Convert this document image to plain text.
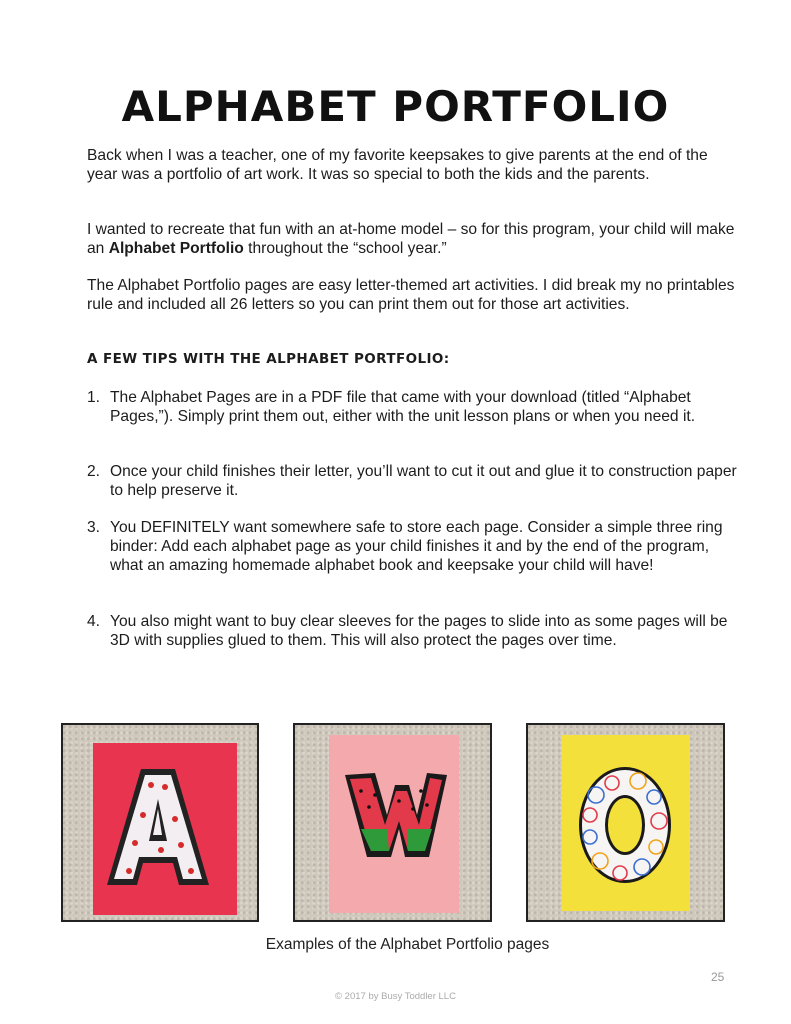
ALPHABET PORTFOLIO

Back when I was a teacher, one of my favorite keepsakes to give parents at the end of the year was a portfolio of art work. It was so special to both the kids and the parents.

I wanted to recreate that fun with an at-home model – so for this program, your child will make an Alphabet Portfolio throughout the “school year.”

The Alphabet Portfolio pages are easy letter-themed art activities. I did break my no printables rule and included all 26 letters so you can print them out for those art activities.

A FEW TIPS WITH THE ALPHABET PORTFOLIO:
1. The Alphabet Pages are in a PDF file that came with your download (titled “Alphabet Pages,”). Simply print them out, either with the unit lesson plans or when you need it.
2. Once your child finishes their letter, you’ll want to cut it out and glue it to construction paper to help preserve it.
3. You DEFINITELY want somewhere safe to store each page. Consider a simple three ring binder: Add each alphabet page as your child finishes it and by the end of the program, what an amazing homemade alphabet book and keepsake your child will have!
4. You also might want to buy clear sleeves for the pages to slide into as some pages will be 3D with supplies glued to them. This will also protect the pages over time.
Examples of the Alphabet Portfolio pages
25
© 2017 by Busy Toddler LLC
